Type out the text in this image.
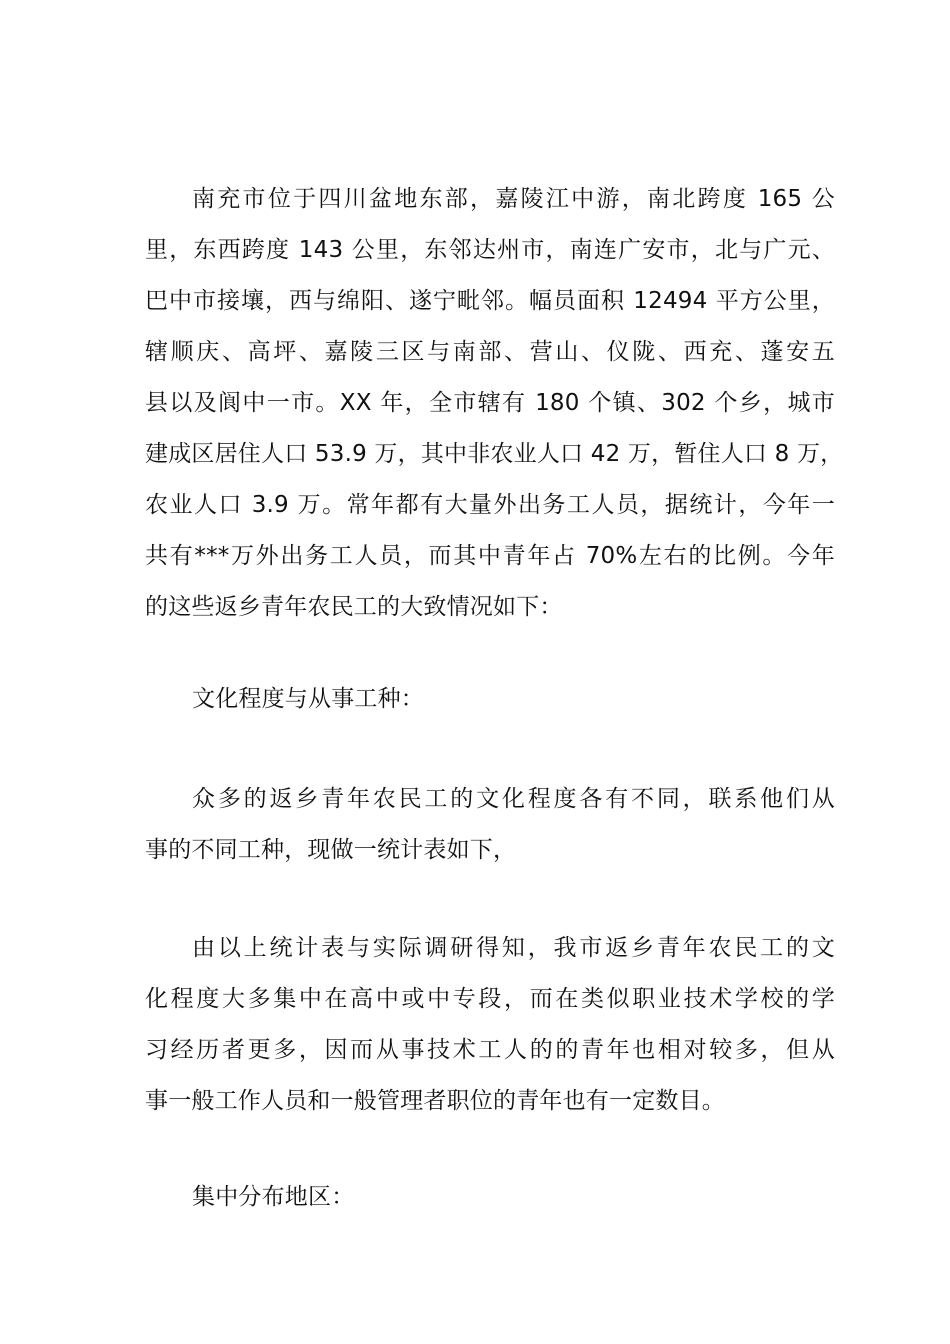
南充市位于四川盆地东部，嘉陵江中游，南北跨度 165 公
里，东西跨度 143 公里，东邻达州市，南连广安市，北与广元、
巴中市接壤，西与绵阳、遂宁毗邻。幅员面积 12494 平方公里，
辖顺庆、高坪、嘉陵三区与南部、营山、仪陇、西充、蓬安五
县以及阆中一市。XX 年，全市辖有 180 个镇、302 个乡，城市
建成区居住人口 53.9 万，其中非农业人口 42 万，暂住人口 8 万，
农业人口 3.9 万。常年都有大量外出务工人员，据统计，今年一
共有***万外出务工人员，而其中青年占 70%左右的比例。今年
的这些返乡青年农民工的大致情况如下：
文化程度与从事工种：
众多的返乡青年农民工的文化程度各有不同，联系他们从
事的不同工种，现做一统计表如下，
由以上统计表与实际调研得知，我市返乡青年农民工的文
化程度大多集中在高中或中专段，而在类似职业技术学校的学
习经历者更多，因而从事技术工人的的青年也相对较多，但从
事一般工作人员和一般管理者职位的青年也有一定数目。
集中分布地区：
